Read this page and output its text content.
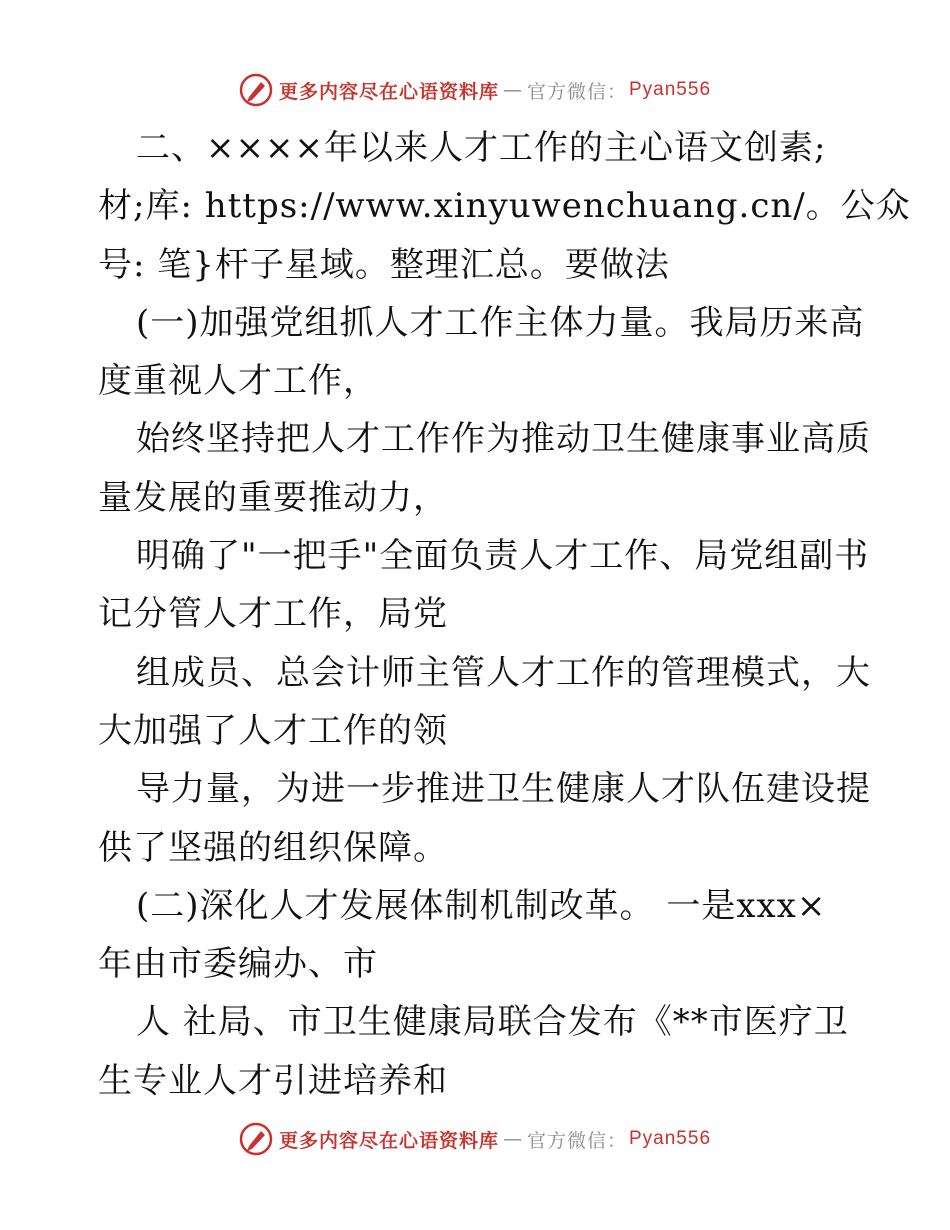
更多内容尽在心语资料库 — 官方微信： Pyan556
二、××××年以来人才工作的主心语文创素;
材;库: https://www.xinyuwenchuang.cn/。公众
号: 笔}杆子星域。整理汇总。要做法
(一)加强党组抓人才工作主体力量。我局历来高
度重视人才工作，
始终坚持把人才工作作为推动卫生健康事业高质
量发展的重要推动力，
明确了"一把手"全面负责人才工作、局党组副书
记分管人才工作，局党
组成员、总会计师主管人才工作的管理模式，大
大加强了人才工作的领
导力量，为进一步推进卫生健康人才队伍建设提
供了坚强的组织保障。
(二)深化人才发展体制机制改革。 一是xxx×
年由市委编办、市
人 社局、市卫生健康局联合发布《**市医疗卫
生专业人才引进培养和
更多内容尽在心语资料库 — 官方微信： Pyan556
